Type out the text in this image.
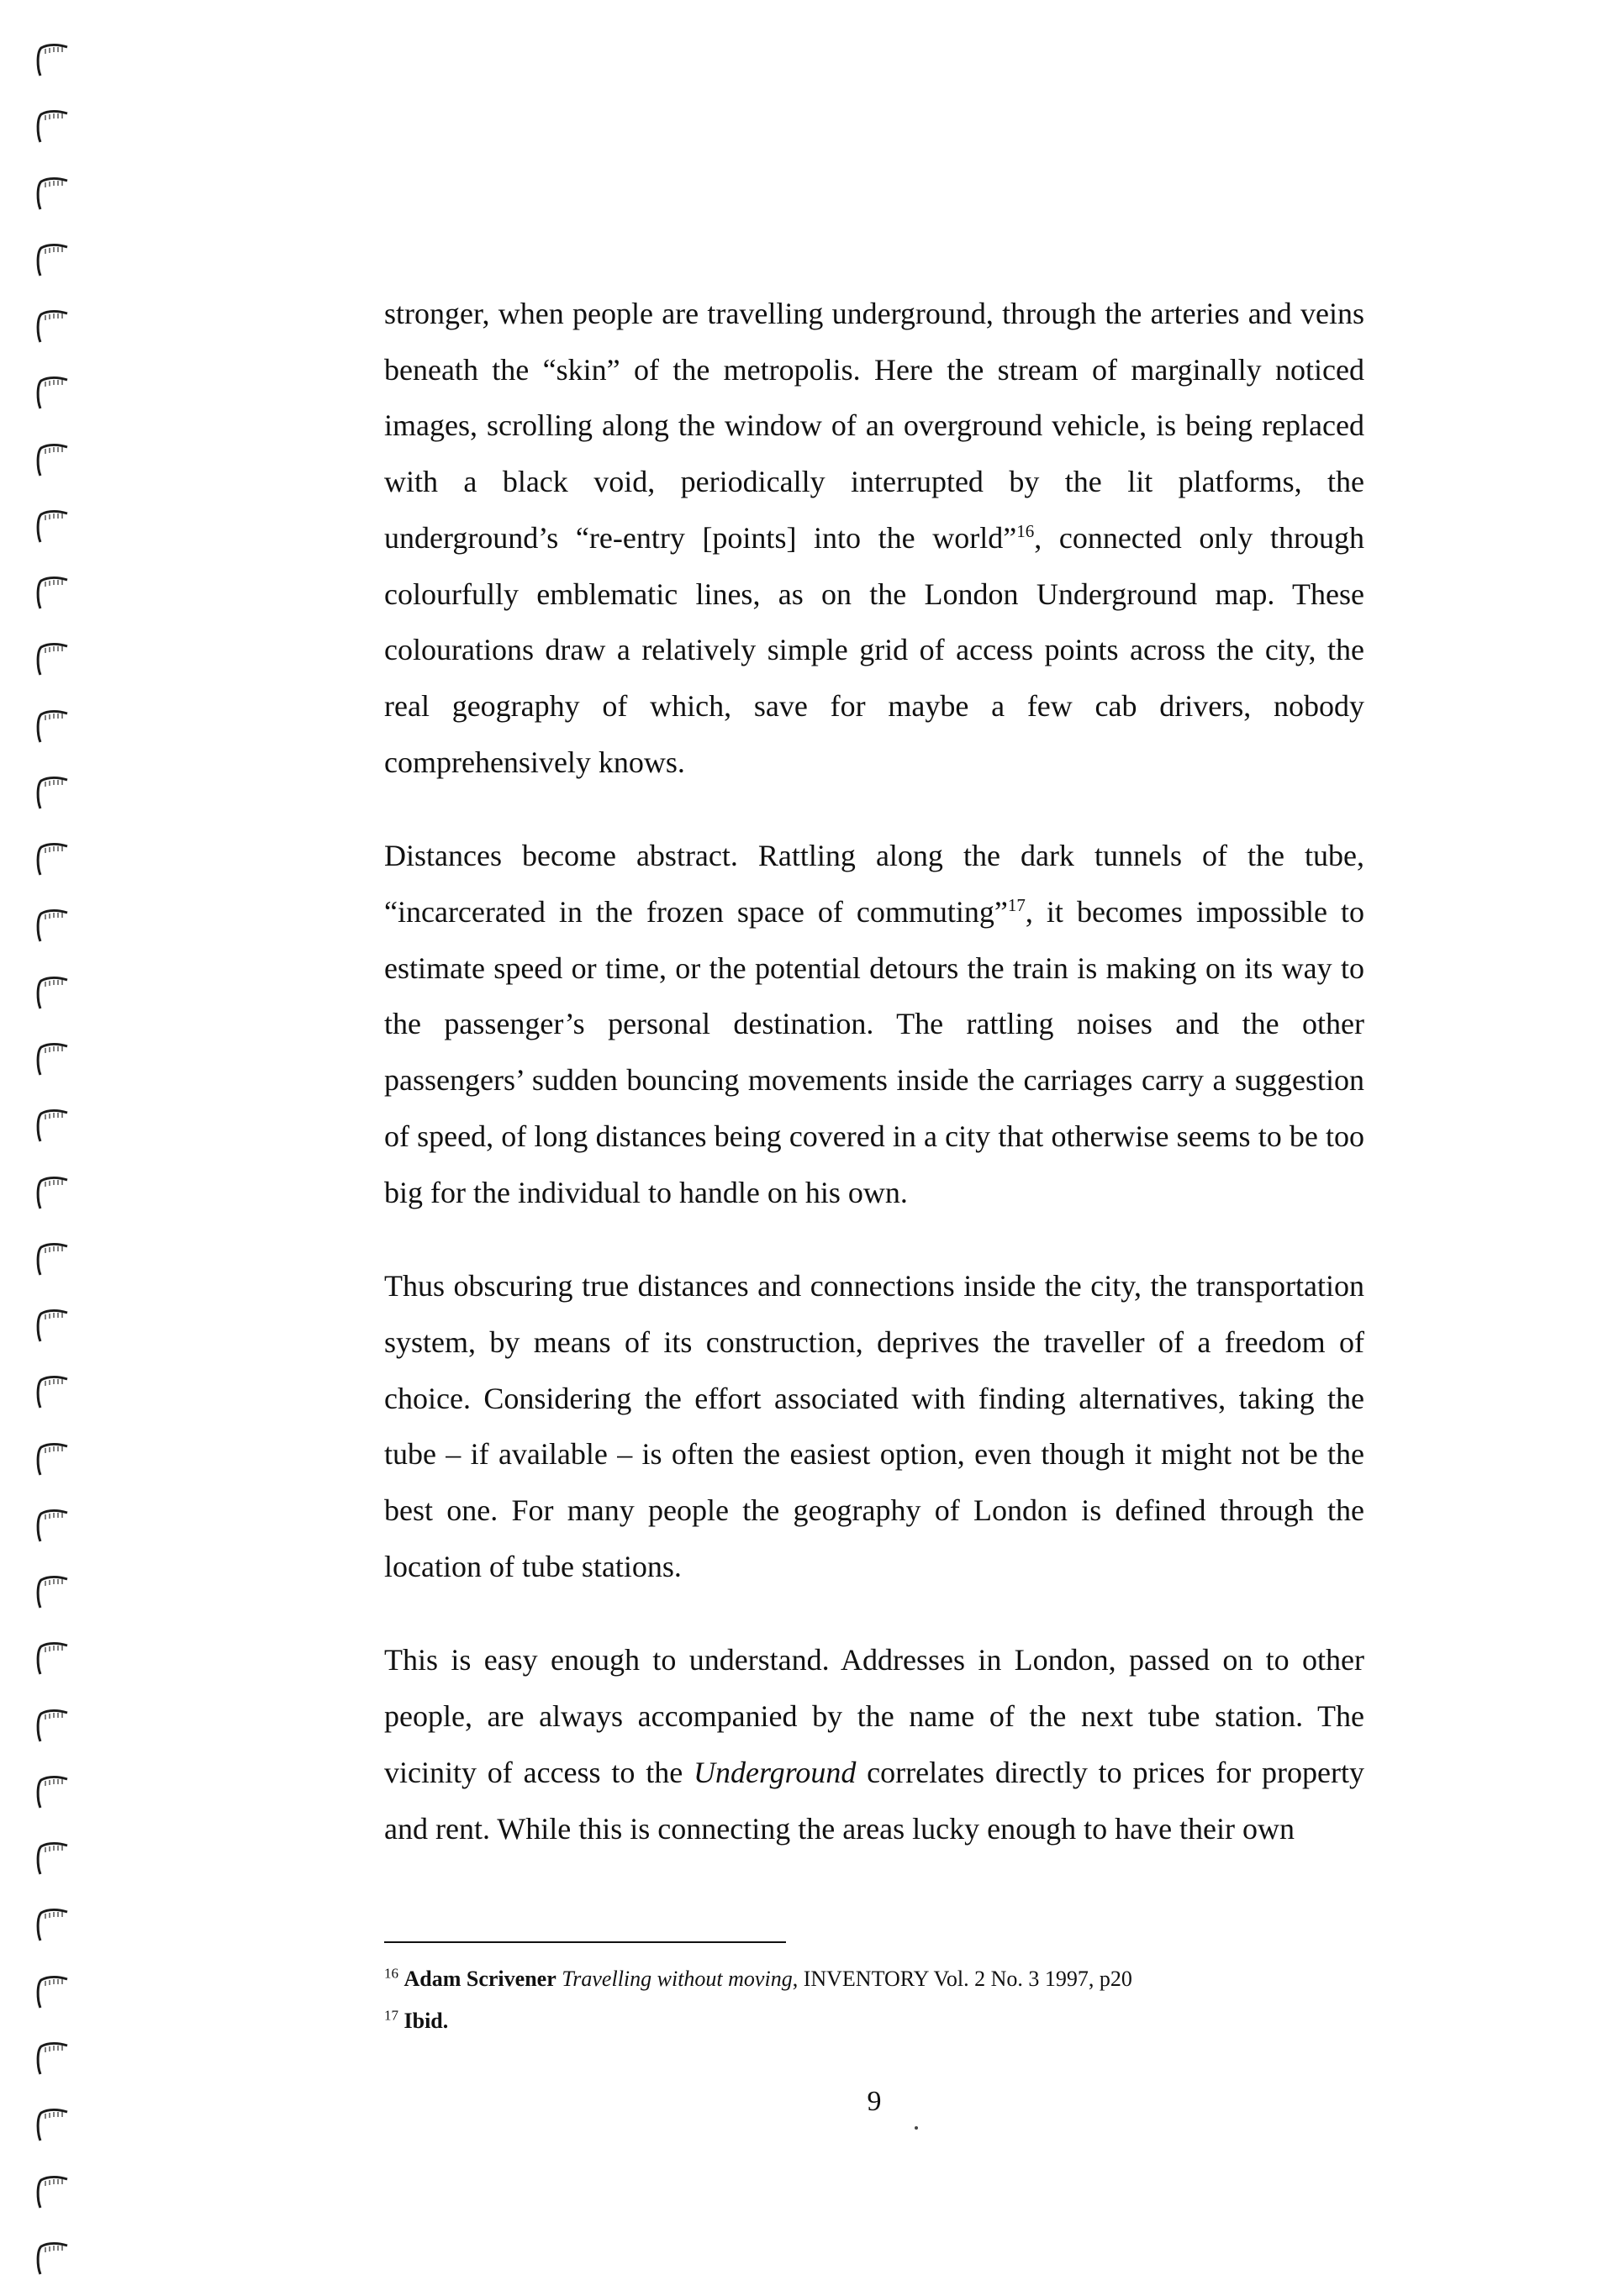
stronger, when people are travelling underground, through the arteries and veins beneath the “skin” of the metropolis. Here the stream of marginally noticed images, scrolling along the window of an overground vehicle, is being replaced with a black void, periodically interrupted by the lit platforms, the underground’s “re-entry [points] into the world”$^{16}$, connected only through colourfully emblematic lines, as on the London Underground map. These colourations draw a relatively simple grid of access points across the city, the real geography of which, save for maybe a few cab drivers, nobody comprehensively knows.

Distances become abstract. Rattling along the dark tunnels of the tube, “incarcerated in the frozen space of commuting”$^{17}$, it becomes impossible to estimate speed or time, or the potential detours the train is making on its way to the passenger’s personal destination. The rattling noises and the other passengers’ sudden bouncing movements inside the carriages carry a suggestion of speed, of long distances being covered in a city that otherwise seems to be too big for the individual to handle on his own.

Thus obscuring true distances and connections inside the city, the transportation system, by means of its construction, deprives the traveller of a freedom of choice. Considering the effort associated with finding alternatives, taking the tube – if available – is often the easiest option, even though it might not be the best one. For many people the geography of London is defined through the location of tube stations.

This is easy enough to understand. Addresses in London, passed on to other people, are always accompanied by the name of the next tube station. The vicinity of access to the Underground correlates directly to prices for property and rent. While this is connecting the areas lucky enough to have their own

$^{16}$ Adam Scrivener Travelling without moving, INVENTORY Vol. 2 No. 3 1997, p20
$^{17}$ Ibid.
9
